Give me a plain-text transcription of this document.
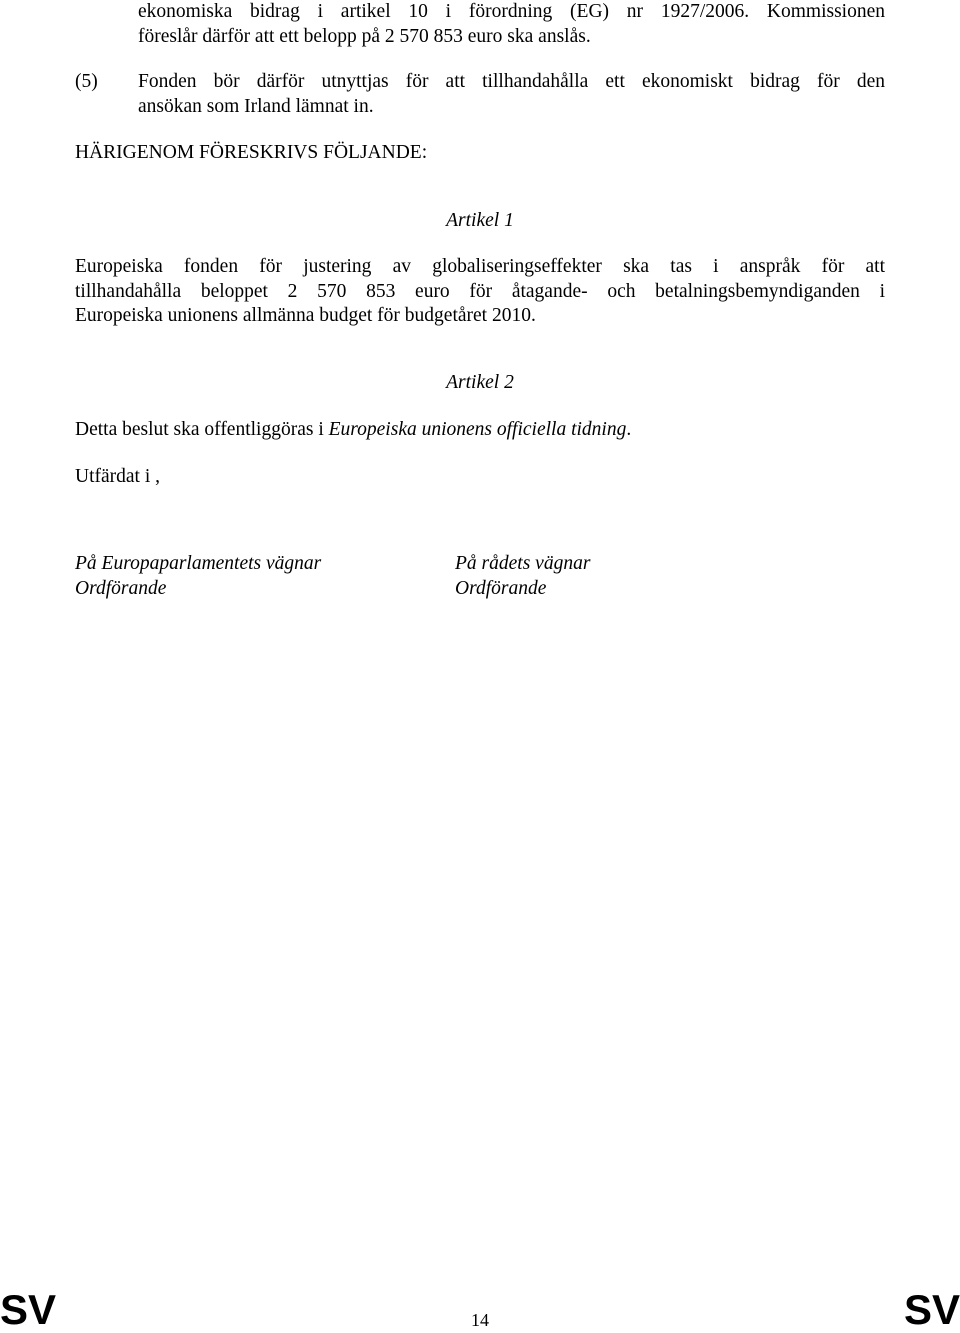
ekonomiska bidrag i artikel 10 i förordning (EG) nr 1927/2006. Kommissionen
föreslår därför att ett belopp på 2 570 853 euro ska anslås.
(5) Fonden bör därför utnyttjas för att tillhandahålla ett ekonomiskt bidrag för den
ansökan som Irland lämnat in.
HÄRIGENOM FÖRESKRIVS FÖLJANDE:
Artikel 1
Europeiska fonden för justering av globaliseringseffekter ska tas i anspråk för att
tillhandahålla beloppet 2 570 853 euro för åtagande- och betalningsbemyndiganden i
Europeiska unionens allmänna budget för budgetåret 2010.
Artikel 2
Detta beslut ska offentliggöras i Europeiska unionens officiella tidning.
Utfärdat i ,
På Europaparlamentets vägnar
Ordförande
På rådets vägnar
Ordförande
SV	14	SV
